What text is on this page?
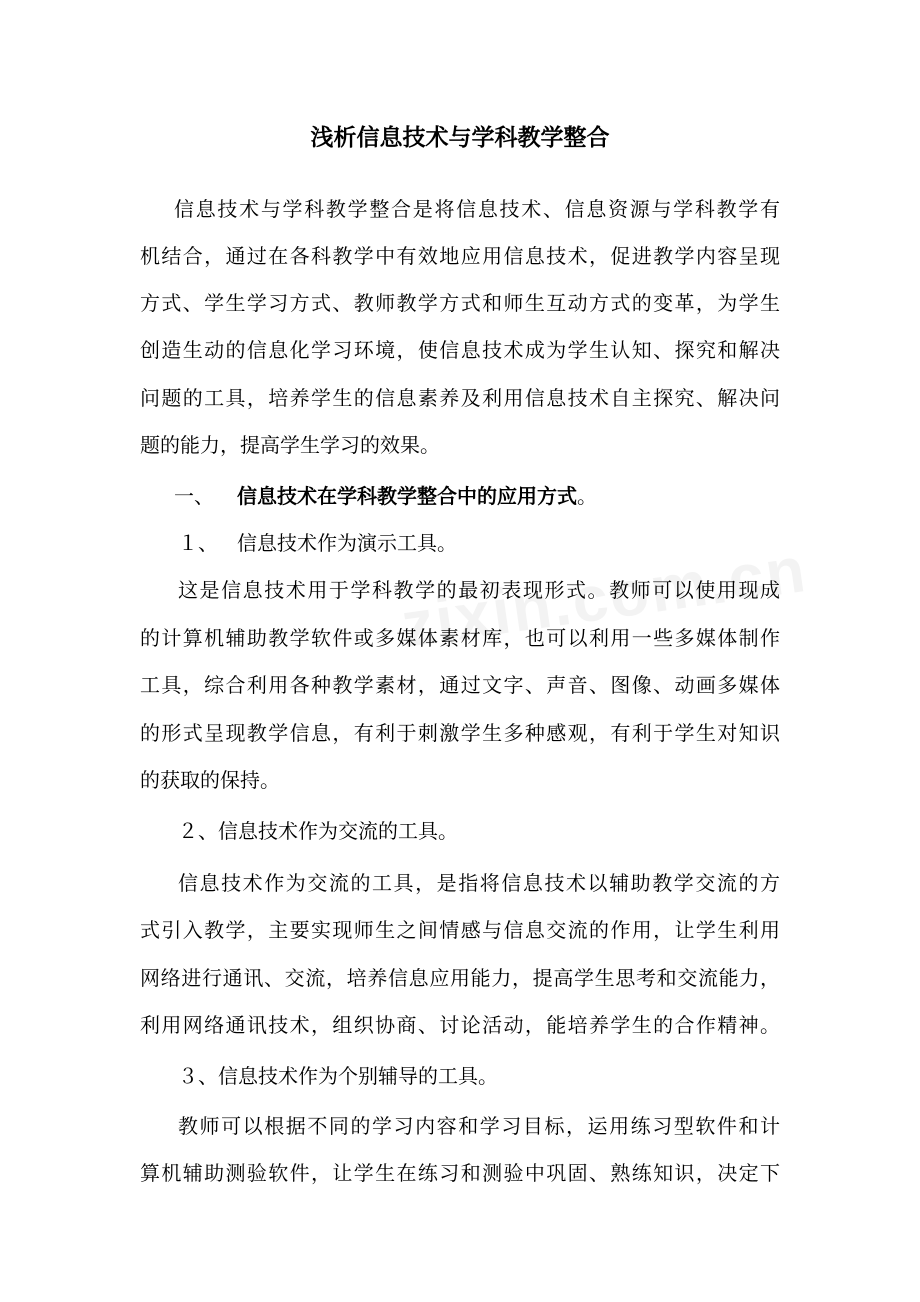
浅析信息技术与学科教学整合

信息技术与学科教学整合是将信息技术、信息资源与学科教学有

机结合，通过在各科教学中有效地应用信息技术，促进教学内容呈现

方式、学生学习方式、教师教学方式和师生互动方式的变革，为学生

创造生动的信息化学习环境，使信息技术成为学生认知、探究和解决

问题的工具，培养学生的信息素养及利用信息技术自主探究、解决问

题的能力，提高学生学习的效果。

一、 信息技术在学科教学整合中的应用方式。
１、 信息技术作为演示工具。

这是信息技术用于学科教学的最初表现形式。教师可以使用现成

的计算机辅助教学软件或多媒体素材库，也可以利用一些多媒体制作

工具，综合利用各种教学素材，通过文字、声音、图像、动画多媒体

的形式呈现教学信息，有利于刺激学生多种感观，有利于学生对知识

的获取的保持。

２、信息技术作为交流的工具。

信息技术作为交流的工具，是指将信息技术以辅助教学交流的方

式引入教学，主要实现师生之间情感与信息交流的作用，让学生利用

网络进行通讯、交流，培养信息应用能力，提高学生思考和交流能力，

利用网络通讯技术，组织协商、讨论活动，能培养学生的合作精神。

３、信息技术作为个别辅导的工具。

教师可以根据不同的学习内容和学习目标，运用练习型软件和计

算机辅助测验软件，让学生在练习和测验中巩固、熟练知识，决定下
